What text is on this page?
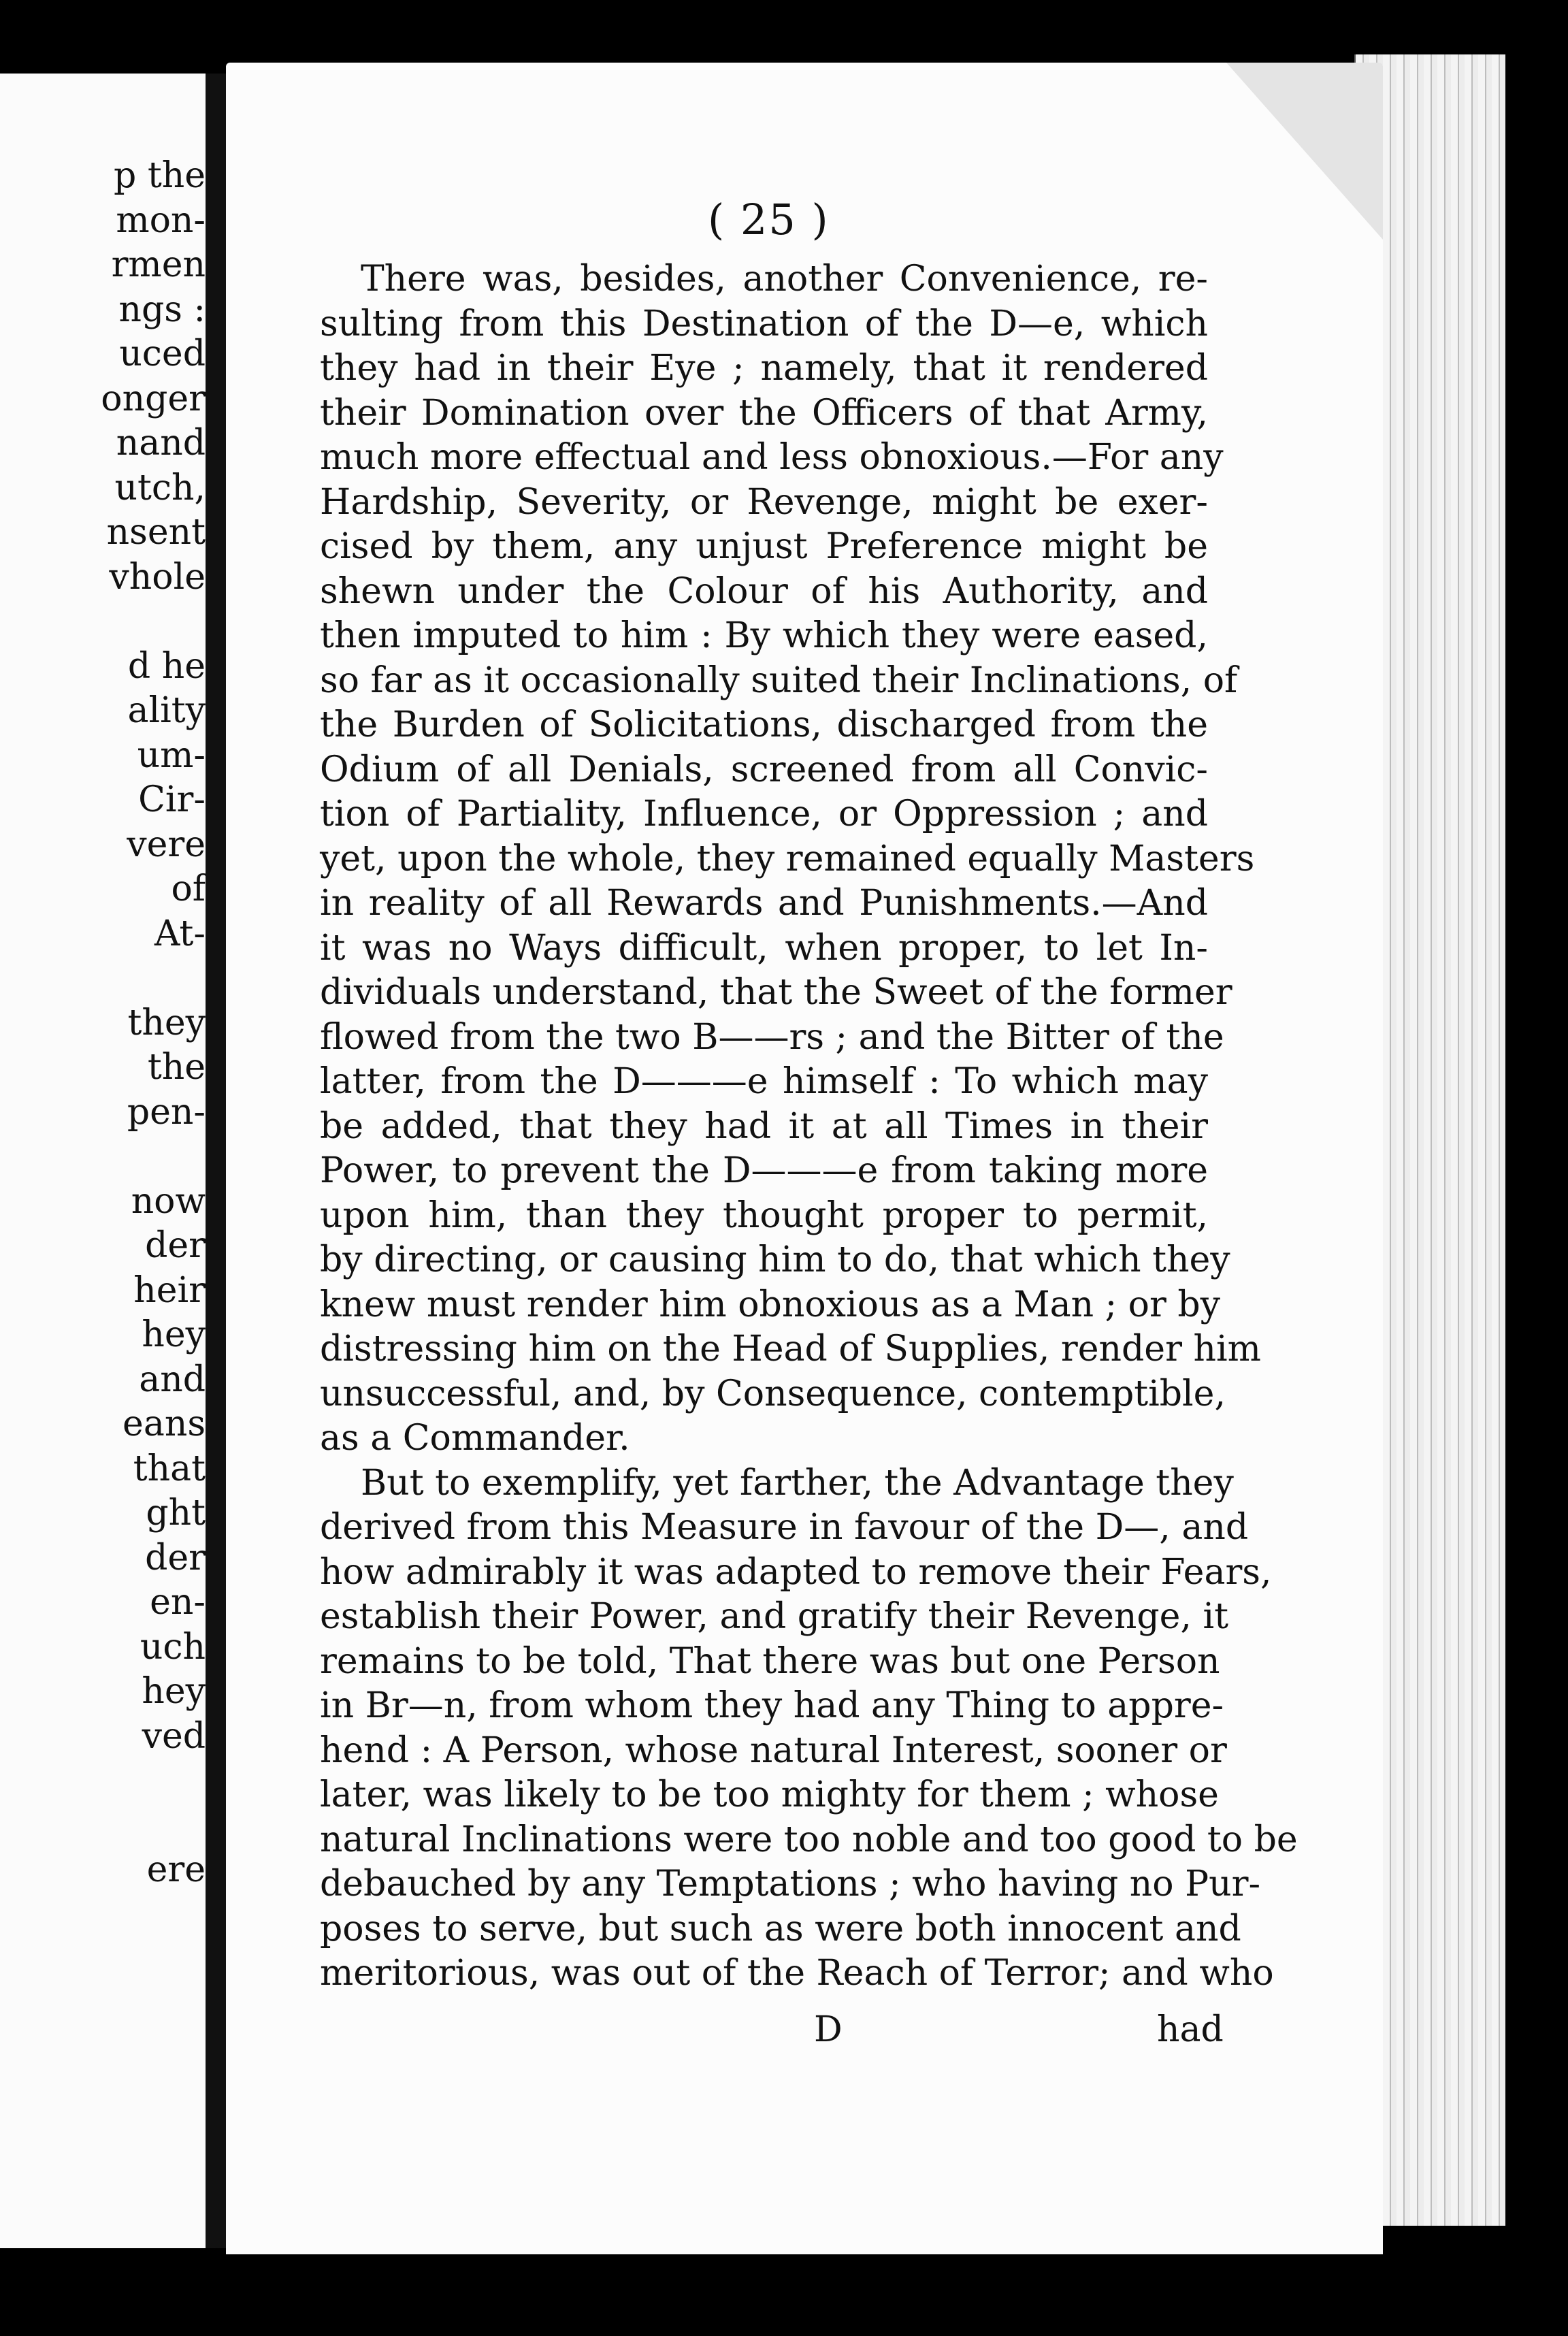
p the
mon-
rmen
ngs :
uced
onger
nand
utch,
nsent
vhole
d he
ality
um-
Cir-
vere
of
At-
they
the
pen-
now
der
heir
hey
and
eans
that
ght
der
en-
uch
hey
ved
ere
( 25 )
There was, besides, another Convenience, re-
sulting from this Destination of the D—e, which
they had in their Eye ; namely, that it rendered
their Domination over the Officers of that Army,
much more effectual and less obnoxious.—For any
Hardship, Severity, or Revenge, might be exer-
cised by them, any unjust Preference might be
shewn under the Colour of his Authority, and
then imputed to him : By which they were eased,
so far as it occasionally suited their Inclinations, of
the Burden of Solicitations, discharged from the
Odium of all Denials, screened from all Convic-
tion of Partiality, Influence, or Oppression ; and
yet, upon the whole, they remained equally Masters
in reality of all Rewards and Punishments.—And
it was no Ways difficult, when proper, to let In-
dividuals understand, that the Sweet of the former
flowed from the two B——rs ; and the Bitter of the
latter, from the D———e himself : To which may
be added, that they had it at all Times in their
Power, to prevent the D———e from taking more
upon him, than they thought proper to permit,
by directing, or causing him to do, that which they
knew must render him obnoxious as a Man ; or by
distressing him on the Head of Supplies, render him
unsuccessful, and, by Consequence, contemptible,
as a Commander.
But to exemplify, yet farther, the Advantage they
derived from this Measure in favour of the D—, and
how admirably it was adapted to remove their Fears,
establish their Power, and gratify their Revenge, it
remains to be told, That there was but one Person
in Br—n, from whom they had any Thing to appre-
hend : A Person, whose natural Interest, sooner or
later, was likely to be too mighty for them ; whose
natural Inclinations were too noble and too good to be
debauched by any Temptations ; who having no Pur-
poses to serve, but such as were both innocent and
meritorious, was out of the Reach of Terror; and who
D	had
